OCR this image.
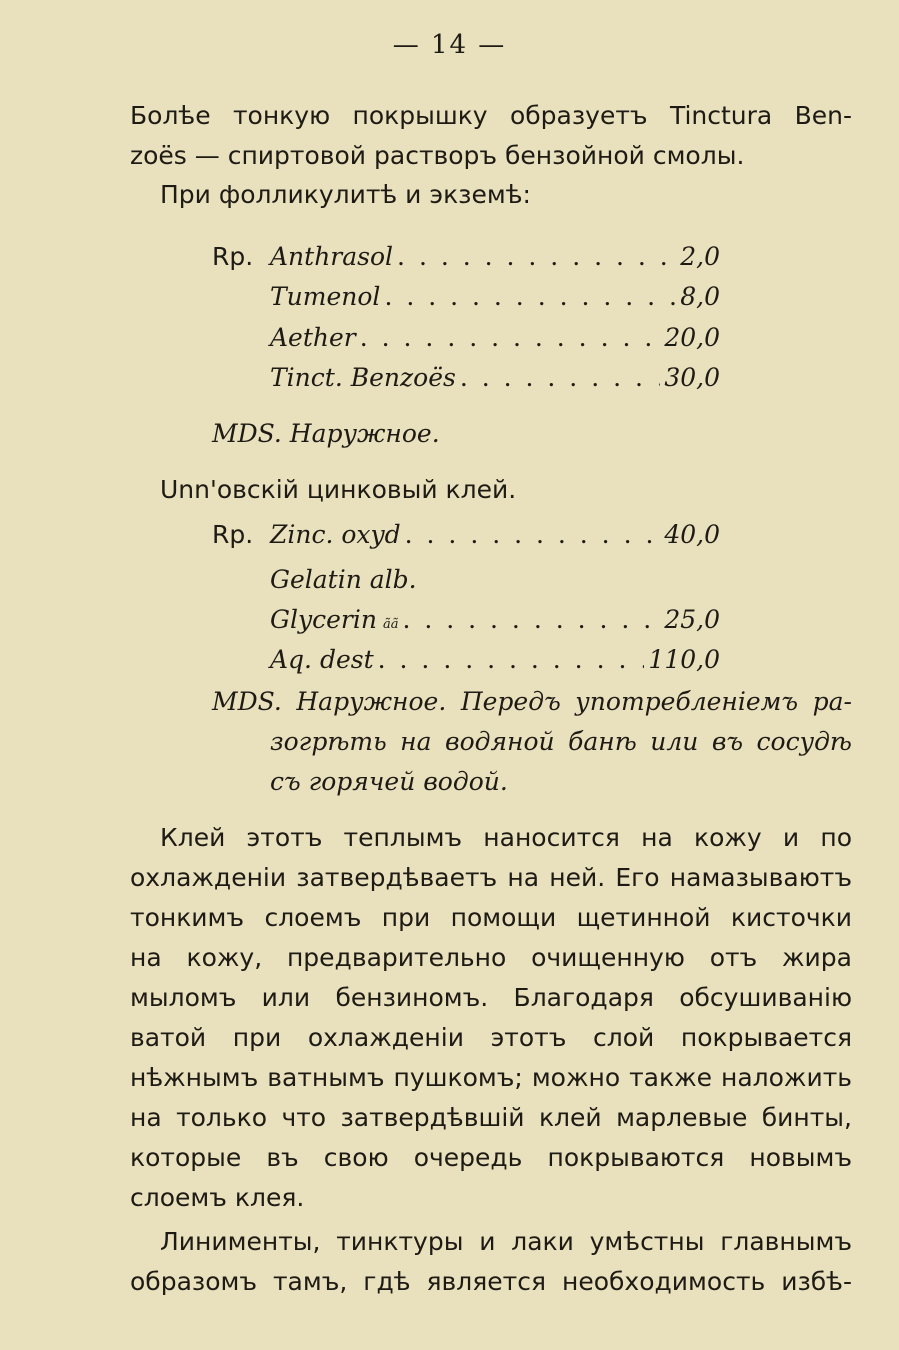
— 14 —
Болѣе тонкую покрышку образуетъ Tinctura Ben-
zoës — спиртовой растворъ бензойной смолы.
При фолликулитѣ и экземѣ:
Rp. Anthrasol . . .	2,0
Tumenol . . .	8,0
Aether . . .	20,0
Tinct. Benzoës . . .	30,0
MDS. Наружное.
Unn'овскій цинковый клей.
Rp. Zinc. oxyd . . .	40,0
Gelatin alb.
Glycerin ãã . . .	25,0
Aq. dest . . .	110,0
MDS. Наружное. Передъ употребленіемъ ра-
зогрѣть на водяной банѣ или въ сосудѣ
съ горячей водой.
Клей этотъ теплымъ наносится на кожу и по
охлажденіи затвердѣваетъ на ней. Его намазываютъ
тонкимъ слоемъ при помощи щетинной кисточки
на кожу, предварительно очищенную отъ жира
мыломъ или бензиномъ. Благодаря обсушиванію
ватой при охлажденіи этотъ слой покрывается
нѣжнымъ ватнымъ пушкомъ; можно также наложить
на только что затвердѣвшій клей марлевые бинты,
которые въ свою очередь покрываются новымъ
слоемъ клея.
Линименты, тинктуры и лаки умѣстны главнымъ
образомъ тамъ, гдѣ является необходимость избѣ-
